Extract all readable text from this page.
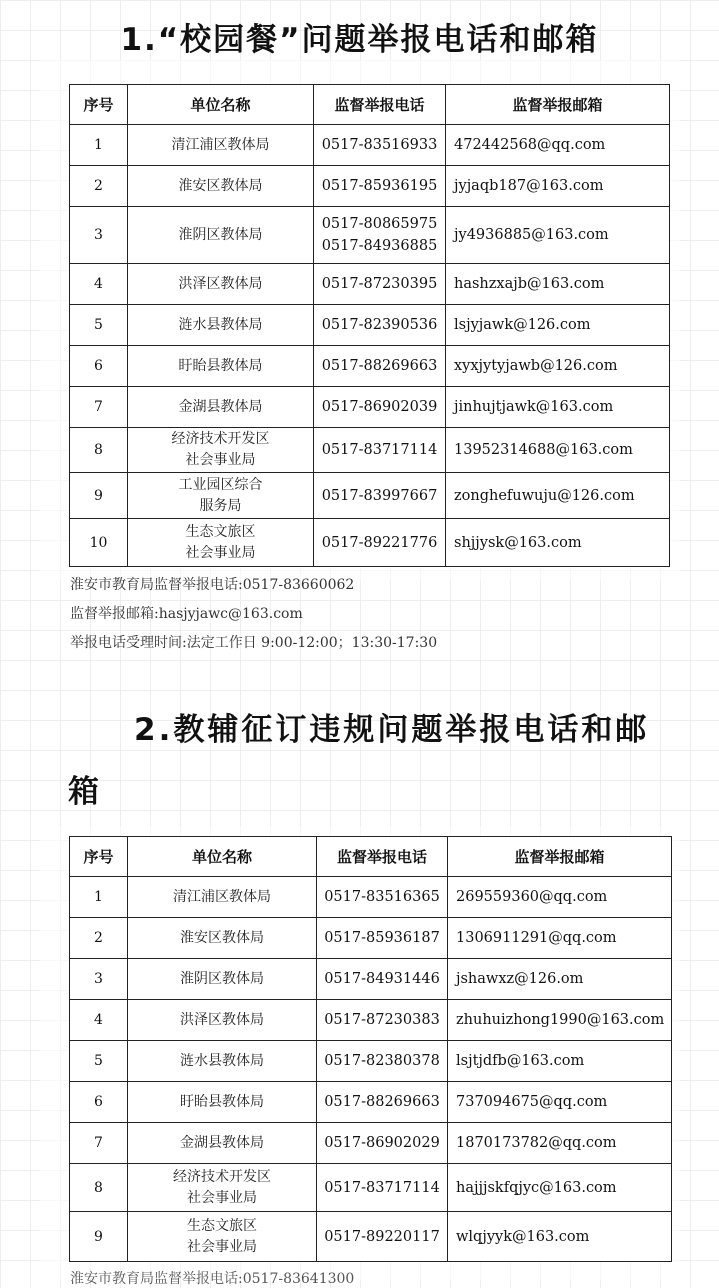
1.“校园餐”问题举报电话和邮箱
序号	单位名称	监督举报电话	监督举报邮箱
1	清江浦区教体局	0517-83516933	472442568@qq.com
2	淮安区教体局	0517-85936195	jyjaqb187@163.com
3	淮阴区教体局	0517-80865975
0517-84936885	jy4936885@163.com
4	洪泽区教体局	0517-87230395	hashzxajb@163.com
5	涟水县教体局	0517-82390536	lsjyjawk@126.com
6	盱眙县教体局	0517-88269663	xyxjytyjawb@126.com
7	金湖县教体局	0517-86902039	jinhujtjawk@163.com
8	经济技术开发区
社会事业局	0517-83717114	13952314688@163.com
9	工业园区综合
服务局	0517-83997667	zonghefuwuju@126.com
10	生态文旅区
社会事业局	0517-89221776	shjjysk@163.com
淮安市教育局监督举报电话:0517-83660062
监督举报邮箱:hasjyjawc@163.com
举报电话受理时间:法定工作日 9:00-12:00；13:30-17:30
2.教辅征订违规问题举报电话和邮
箱
序号	单位名称	监督举报电话	监督举报邮箱
1	清江浦区教体局	0517-83516365	269559360@qq.com
2	淮安区教体局	0517-85936187	1306911291@qq.com
3	淮阴区教体局	0517-84931446	jshawxz@126.om
4	洪泽区教体局	0517-87230383	zhuhuizhong1990@163.com
5	涟水县教体局	0517-82380378	lsjtjdfb@163.com
6	盱眙县教体局	0517-88269663	737094675@qq.com
7	金湖县教体局	0517-86902029	1870173782@qq.com
8	经济技术开发区
社会事业局	0517-83717114	hajjjskfqjyc@163.com
9	生态文旅区
社会事业局	0517-89220117	wlqjyyk@163.com
淮安市教育局监督举报电话:0517-83641300
